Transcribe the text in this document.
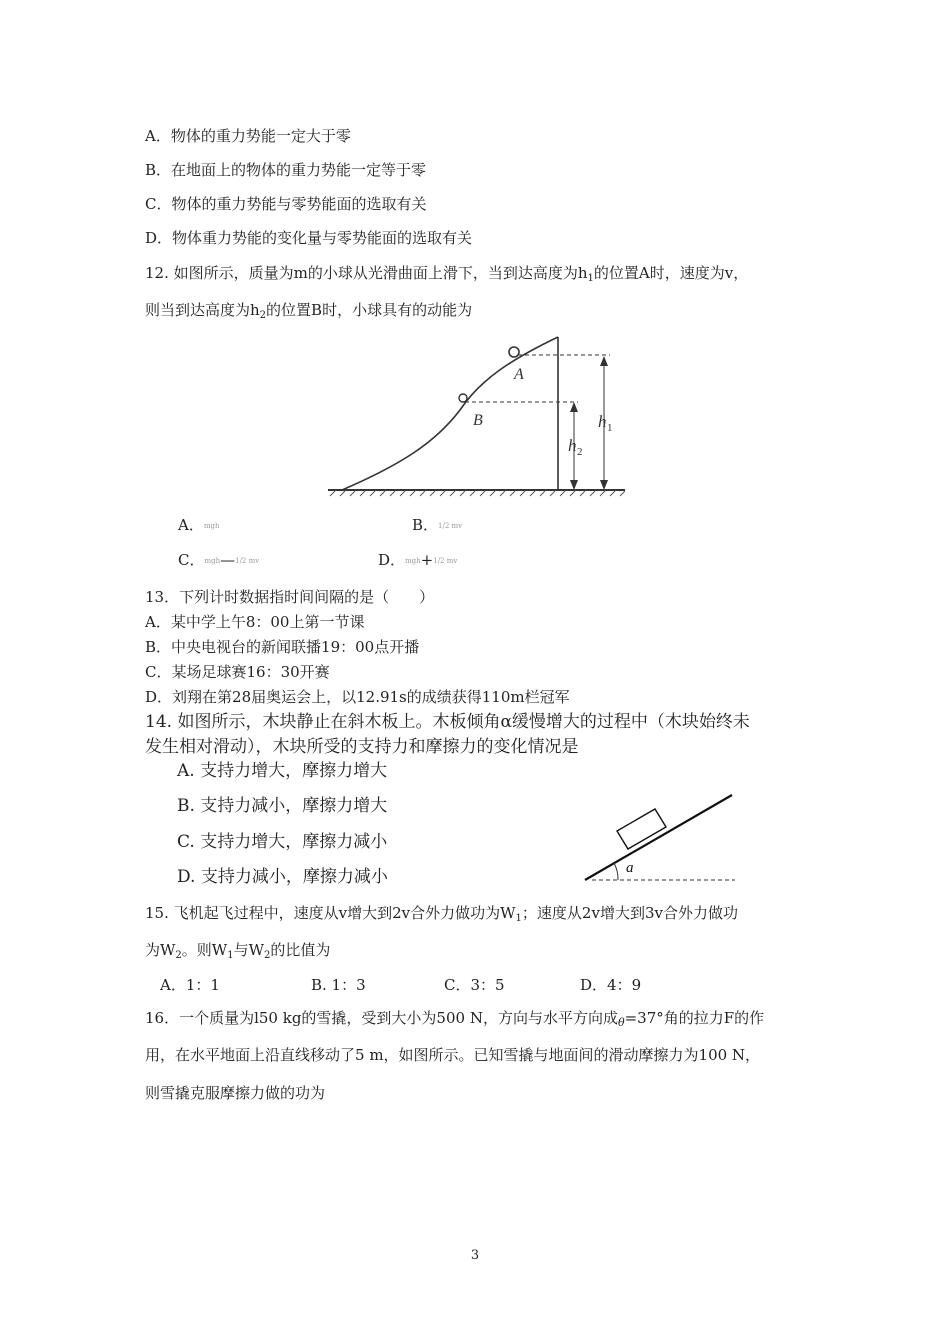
A．物体的重力势能一定大于零
B．在地面上的物体的重力势能一定等于零
C．物体的重力势能与零势能面的选取有关
D．物体重力势能的变化量与零势能面的选取有关
12. 如图所示，质量为m的小球从光滑曲面上滑下，当到达高度为$h_1$的位置A时，速度为v，
则当到达高度为$h_2$的位置B时，小球具有的动能为
A
B	h 1
h 2
A．mgh	B．1/2 mv
C．mgh—1/2 mv	D．mgh+1/2 mv
13．下列计时数据指时间间隔的是（　　）
A．某中学上午8：00上第一节课
B．中央电视台的新闻联播19：00点开播
C．某场足球赛16：30开赛
D．刘翔在第28届奥运会上，以12.91s的成绩获得110m栏冠军
14. 如图所示，木块静止在斜木板上。木板倾角α缓慢增大的过程中（木块始终未
发生相对滑动），木块所受的支持力和摩擦力的变化情况是
A. 支持力增大，摩擦力增大
B. 支持力减小，摩擦力增大
C. 支持力增大，摩擦力减小
D. 支持力减小，摩擦力减小	a
15. 飞机起飞过程中，速度从v增大到2v合外力做功为$W_1$；速度从2v增大到3v合外力做功
为$W_2$。则$W_1$与$W_2$的比值为
A．1：1	B. 1：3	C．3：5	D．4：9
16．一个质量为l50 kg的雪撬，受到大小为500 N，方向与水平方向成$_\theta$=37°角的拉力F的作
用，在水平地面上沿直线移动了5 m，如图所示。已知雪撬与地面间的滑动摩擦力为100 N，
则雪撬克服摩擦力做的功为
3
